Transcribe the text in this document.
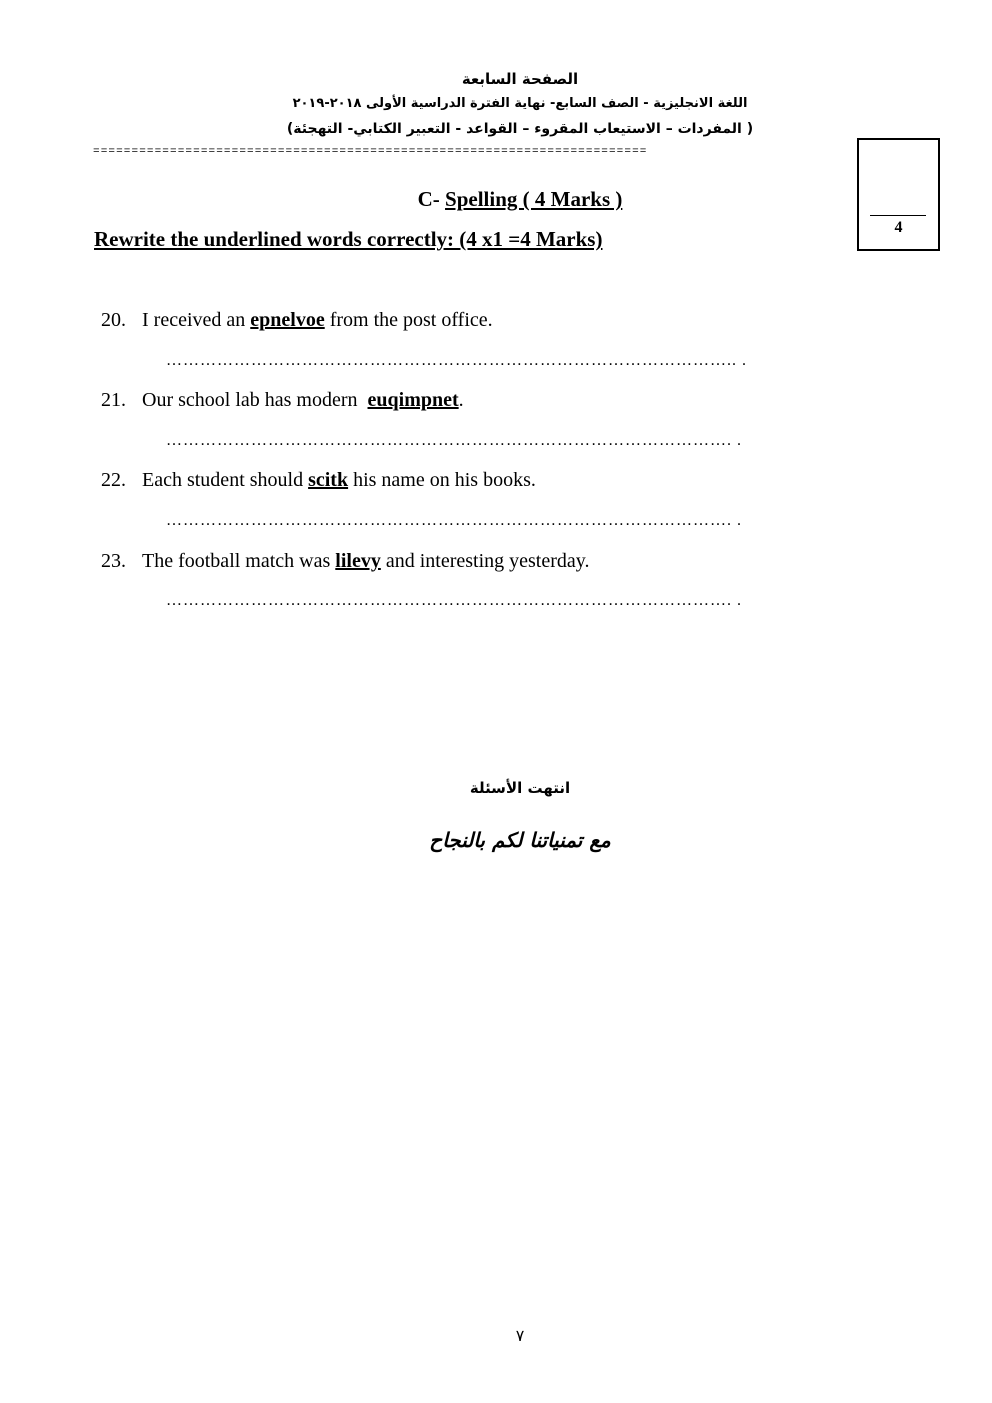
الصفحة السابعة
اللغة الانجليزية - الصف السابع- نهاية الفترة الدراسية الأولى ٢٠١٨-٢٠١٩
( المفردات – الاستيعاب المقروء – القواعد - التعبير الكتابي- التهجئة)
========================================================================
4
C- Spelling ( 4 Marks )
Rewrite the underlined words correctly: (4 x1 =4 Marks)
20. I received an epnelvoe from the post office.
……………………………………………………………………………………….. .
21. Our school lab has modern  euqimpnet.
………………………………………………………………………………………. .
22. Each student should scitk his name on his books.
………………………………………………………………………………………. .
23. The football match was lilevy and interesting yesterday.
………………………………………………………………………………………. .
انتهت الأسئلة
مع تمنياتنا لكم بالنجاح
٧
